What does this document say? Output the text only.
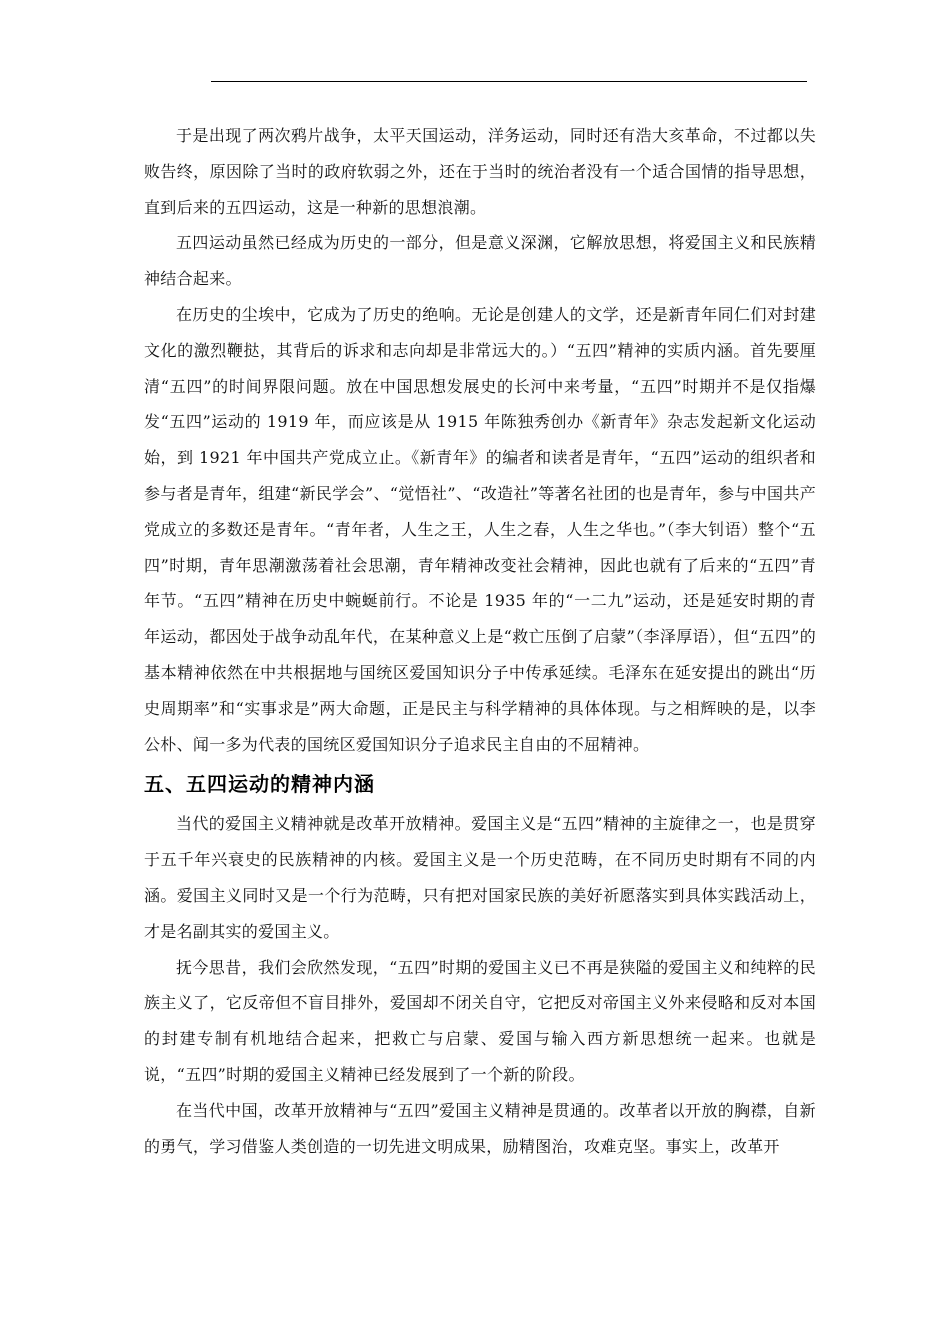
于是出现了两次鸦片战争，太平天国运动，洋务运动，同时还有浩大亥革命，不过都以失败告终，原因除了当时的政府软弱之外，还在于当时的统治者没有一个适合国情的指导思想，直到后来的五四运动，这是一种新的思想浪潮。

五四运动虽然已经成为历史的一部分，但是意义深渊，它解放思想，将爱国主义和民族精神结合起来。

在历史的尘埃中，它成为了历史的绝响。无论是创建人的文学，还是新青年同仁们对封建文化的激烈鞭挞，其背后的诉求和志向却是非常远大的。）“五四”精神的实质内涵。首先要厘清“五四”的时间界限问题。放在中国思想发展史的长河中来考量，“五四”时期并不是仅指爆发“五四”运动的 1919 年，而应该是从 1915 年陈独秀创办《新青年》杂志发起新文化运动始，到 1921 年中国共产党成立止。《新青年》的编者和读者是青年，“五四”运动的组织者和参与者是青年，组建“新民学会”、“觉悟社”、“改造社”等著名社团的也是青年，参与中国共产党成立的多数还是青年。“青年者，人生之王，人生之春，人生之华也。”（李大钊语）整个“五四”时期，青年思潮激荡着社会思潮，青年精神改变社会精神，因此也就有了后来的“五四”青年节。“五四”精神在历史中蜿蜒前行。不论是 1935 年的“一二九”运动，还是延安时期的青年运动，都因处于战争动乱年代，在某种意义上是“救亡压倒了启蒙”（李泽厚语），但“五四”的基本精神依然在中共根据地与国统区爱国知识分子中传承延续。毛泽东在延安提出的跳出“历史周期率”和“实事求是”两大命题，正是民主与科学精神的具体体现。与之相辉映的是，以李公朴、闻一多为代表的国统区爱国知识分子追求民主自由的不屈精神。

五、五四运动的精神内涵

当代的爱国主义精神就是改革开放精神。爱国主义是“五四”精神的主旋律之一，也是贯穿于五千年兴衰史的民族精神的内核。爱国主义是一个历史范畴，在不同历史时期有不同的内涵。爱国主义同时又是一个行为范畴，只有把对国家民族的美好祈愿落实到具体实践活动上，才是名副其实的爱国主义。

抚今思昔，我们会欣然发现，“五四”时期的爱国主义已不再是狭隘的爱国主义和纯粹的民族主义了，它反帝但不盲目排外，爱国却不闭关自守，它把反对帝国主义外来侵略和反对本国的封建专制有机地结合起来，把救亡与启蒙、爱国与输入西方新思想统一起来。也就是说，“五四”时期的爱国主义精神已经发展到了一个新的阶段。

在当代中国，改革开放精神与“五四”爱国主义精神是贯通的。改革者以开放的胸襟，自新的勇气，学习借鉴人类创造的一切先进文明成果，励精图治，攻难克坚。事实上，改革开
